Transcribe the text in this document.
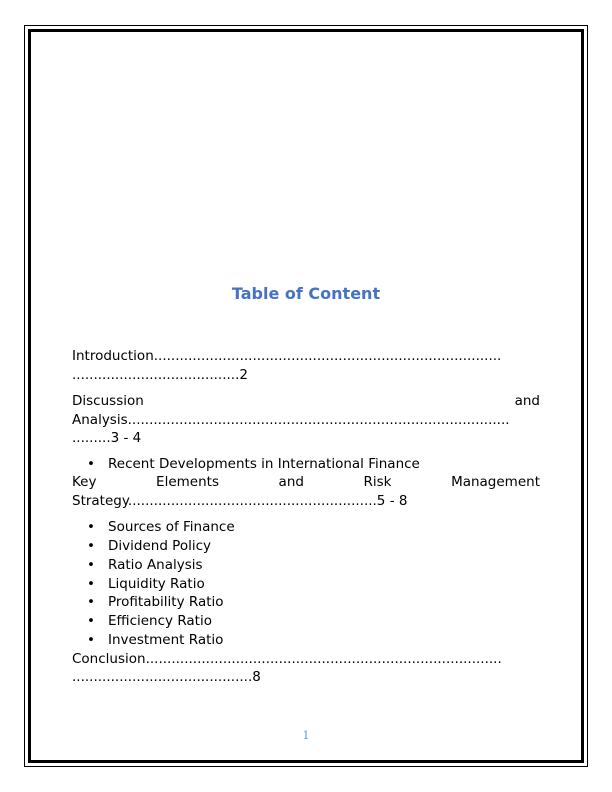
Table of Content
Introduction.................................................................................
.......................................2
Discussion	and
Analysis.........................................................................................
.........3 - 4
• Recent Developments in International Finance
Key	Elements	and	Risk	Management
Strategy..........................................................5 - 8
• Sources of Finance
• Dividend Policy
• Ratio Analysis
• Liquidity Ratio
• Profitability Ratio
• Efficiency Ratio
• Investment Ratio
Conclusion...................................................................................
..........................................8
1
